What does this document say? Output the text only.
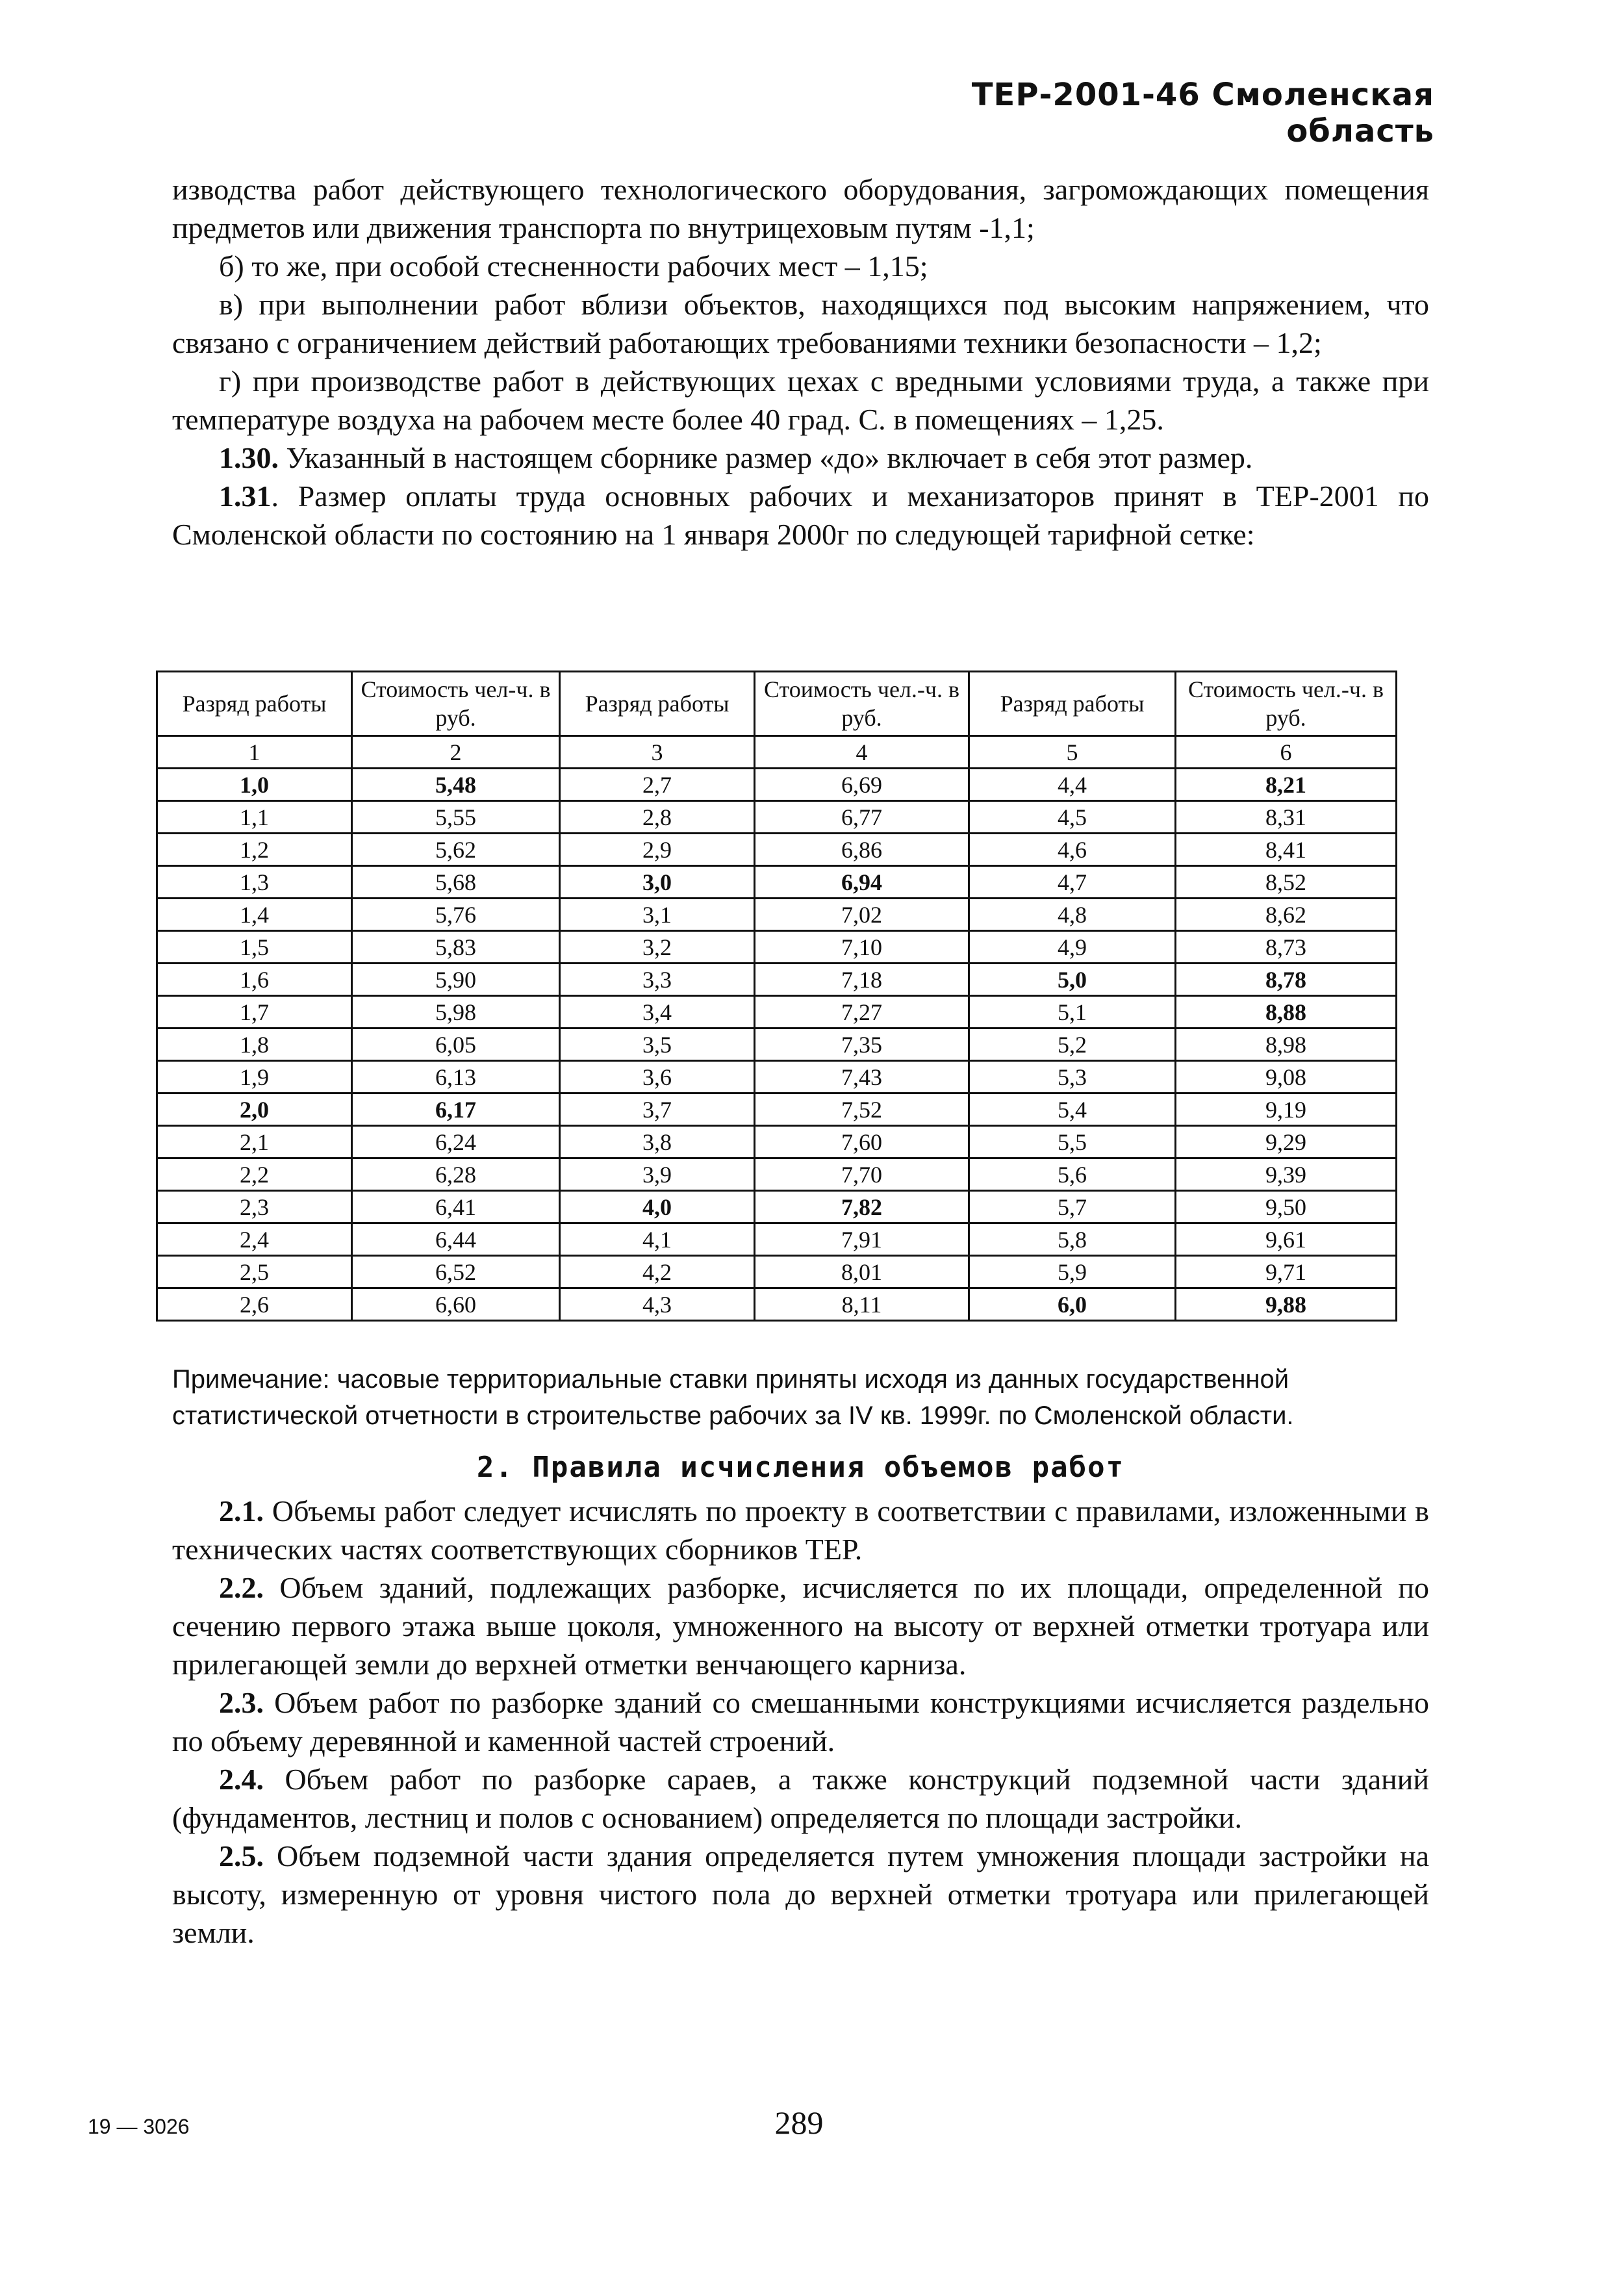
ТЕР-2001-46 Смоленская область

изводства работ действующего технологического оборудования, загромождающих помещения предметов или движения транспорта по внутрицеховым путям -1,1;

б) то же, при особой стесненности рабочих мест – 1,15;

в) при выполнении работ вблизи объектов, находящихся под высоким напряжением, что связано с ограничением действий работающих требованиями техники безопасности – 1,2;

г) при производстве работ в действующих цехах с вредными условиями труда, а также при температуре воздуха на рабочем месте более 40 град. С. в помещениях – 1,25.

1.30. Указанный в настоящем сборнике размер «до» включает в себя этот размер.

1.31. Размер оплаты труда основных рабочих и механизаторов принят в ТЕР-2001 по Смоленской области по состоянию на 1 января 2000г по следующей тарифной сетке:

Разряд работы	Стоимость чел-ч. в руб.	Разряд работы	Стоимость чел.-ч. в руб.	Разряд работы	Стоимость чел.-ч. в руб.
1	2	3	4	5	6
1,0	5,48	2,7	6,69	4,4	8,21
1,1	5,55	2,8	6,77	4,5	8,31
1,2	5,62	2,9	6,86	4,6	8,41
1,3	5,68	3,0	6,94	4,7	8,52
1,4	5,76	3,1	7,02	4,8	8,62
1,5	5,83	3,2	7,10	4,9	8,73
1,6	5,90	3,3	7,18	5,0	8,78
1,7	5,98	3,4	7,27	5,1	8,88
1,8	6,05	3,5	7,35	5,2	8,98
1,9	6,13	3,6	7,43	5,3	9,08
2,0	6,17	3,7	7,52	5,4	9,19
2,1	6,24	3,8	7,60	5,5	9,29
2,2	6,28	3,9	7,70	5,6	9,39
2,3	6,41	4,0	7,82	5,7	9,50
2,4	6,44	4,1	7,91	5,8	9,61
2,5	6,52	4,2	8,01	5,9	9,71
2,6	6,60	4,3	8,11	6,0	9,88
Примечание: часовые территориальные ставки приняты исходя из данных государственной статистической отчетности в строительстве рабочих за IV кв. 1999г. по Смоленской области.
2. Правила исчисления объемов работ

2.1. Объемы работ следует исчислять по проекту в соответствии с правилами, изложенными в технических частях соответствующих сборников ТЕР.

2.2. Объем зданий, подлежащих разборке, исчисляется по их площади, определенной по сечению первого этажа выше цоколя, умноженного на высоту от верхней отметки тротуара или прилегающей земли до верхней отметки венчающего карниза.

2.3. Объем работ по разборке зданий со смешанными конструкциями исчисляется раздельно по объему деревянной и каменной частей строений.

2.4. Объем работ по разборке сараев, а также конструкций подземной части зданий (фундаментов, лестниц и полов с основанием) определяется по площади застройки.

2.5. Объем подземной части здания определяется путем умножения площади застройки на высоту, измеренную от уровня чистого пола до верхней отметки тротуара или прилегающей земли.

19 — 3026	289
